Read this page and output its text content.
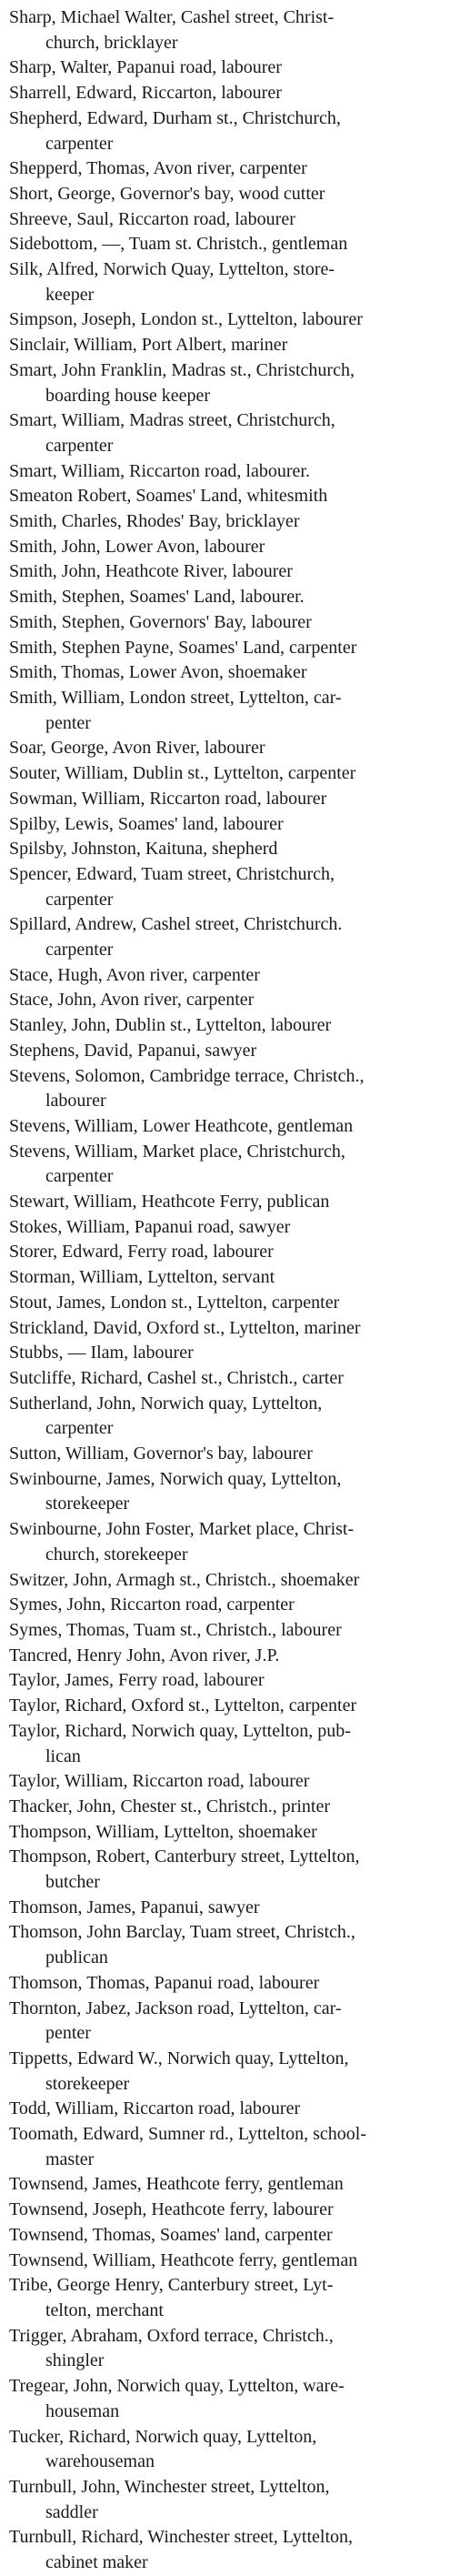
Sharp, Michael Walter, Cashel street, Christ-
church, bricklayer
Sharp, Walter, Papanui road, labourer
Sharrell, Edward, Riccarton, labourer
Shepherd, Edward, Durham st., Christchurch,
carpenter
Shepperd, Thomas, Avon river, carpenter
Short, George, Governor's bay, wood cutter
Shreeve, Saul, Riccarton road, labourer
Sidebottom, —, Tuam st. Christch., gentleman
Silk, Alfred, Norwich Quay, Lyttelton, store-
keeper
Simpson, Joseph, London st., Lyttelton, labourer
Sinclair, William, Port Albert, mariner
Smart, John Franklin, Madras st., Christchurch,
boarding house keeper
Smart, William, Madras street, Christchurch,
carpenter
Smart, William, Riccarton road, labourer.
Smeaton Robert, Soames' Land, whitesmith
Smith, Charles, Rhodes' Bay, bricklayer
Smith, John, Lower Avon, labourer
Smith, John, Heathcote River, labourer
Smith, Stephen, Soames' Land, labourer.
Smith, Stephen, Governors' Bay, labourer
Smith, Stephen Payne, Soames' Land, carpenter
Smith, Thomas, Lower Avon, shoemaker
Smith, William, London street, Lyttelton, car-
penter
Soar, George, Avon River, labourer
Souter, William, Dublin st., Lyttelton, carpenter
Sowman, William, Riccarton road, labourer
Spilby, Lewis, Soames' land, labourer
Spilsby, Johnston, Kaituna, shepherd
Spencer, Edward, Tuam street, Christchurch,
carpenter
Spillard, Andrew, Cashel street, Christchurch.
carpenter
Stace, Hugh, Avon river, carpenter
Stace, John, Avon river, carpenter
Stanley, John, Dublin st., Lyttelton, labourer
Stephens, David, Papanui, sawyer
Stevens, Solomon, Cambridge terrace, Christch.,
labourer
Stevens, William, Lower Heathcote, gentleman
Stevens, William, Market place, Christchurch,
carpenter
Stewart, William, Heathcote Ferry, publican
Stokes, William, Papanui road, sawyer
Storer, Edward, Ferry road, labourer
Storman, William, Lyttelton, servant
Stout, James, London st., Lyttelton, carpenter
Strickland, David, Oxford st., Lyttelton, mariner
Stubbs, — Ilam, labourer
Sutcliffe, Richard, Cashel st., Christch., carter
Sutherland, John, Norwich quay, Lyttelton,
carpenter
Sutton, William, Governor's bay, labourer
Swinbourne, James, Norwich quay, Lyttelton,
storekeeper
Swinbourne, John Foster, Market place, Christ-
church, storekeeper
Switzer, John, Armagh st., Christch., shoemaker
Symes, John, Riccarton road, carpenter
Symes, Thomas, Tuam st., Christch., labourer
Tancred, Henry John, Avon river, J.P.
Taylor, James, Ferry road, labourer
Taylor, Richard, Oxford st., Lyttelton, carpenter
Taylor, Richard, Norwich quay, Lyttelton, pub-
lican
Taylor, William, Riccarton road, labourer
Thacker, John, Chester st., Christch., printer
Thompson, William, Lyttelton, shoemaker
Thompson, Robert, Canterbury street, Lyttelton,
butcher
Thomson, James, Papanui, sawyer
Thomson, John Barclay, Tuam street, Christch.,
publican
Thomson, Thomas, Papanui road, labourer
Thornton, Jabez, Jackson road, Lyttelton, car-
penter
Tippetts, Edward W., Norwich quay, Lyttelton,
storekeeper
Todd, William, Riccarton road, labourer
Toomath, Edward, Sumner rd., Lyttelton, school-
master
Townsend, James, Heathcote ferry, gentleman
Townsend, Joseph, Heathcote ferry, labourer
Townsend, Thomas, Soames' land, carpenter
Townsend, William, Heathcote ferry, gentleman
Tribe, George Henry, Canterbury street, Lyt-
telton, merchant
Trigger, Abraham, Oxford terrace, Christch.,
shingler
Tregear, John, Norwich quay, Lyttelton, ware-
houseman
Tucker, Richard, Norwich quay, Lyttelton,
warehouseman
Turnbull, John, Winchester street, Lyttelton,
saddler
Turnbull, Richard, Winchester street, Lyttelton,
cabinet maker
